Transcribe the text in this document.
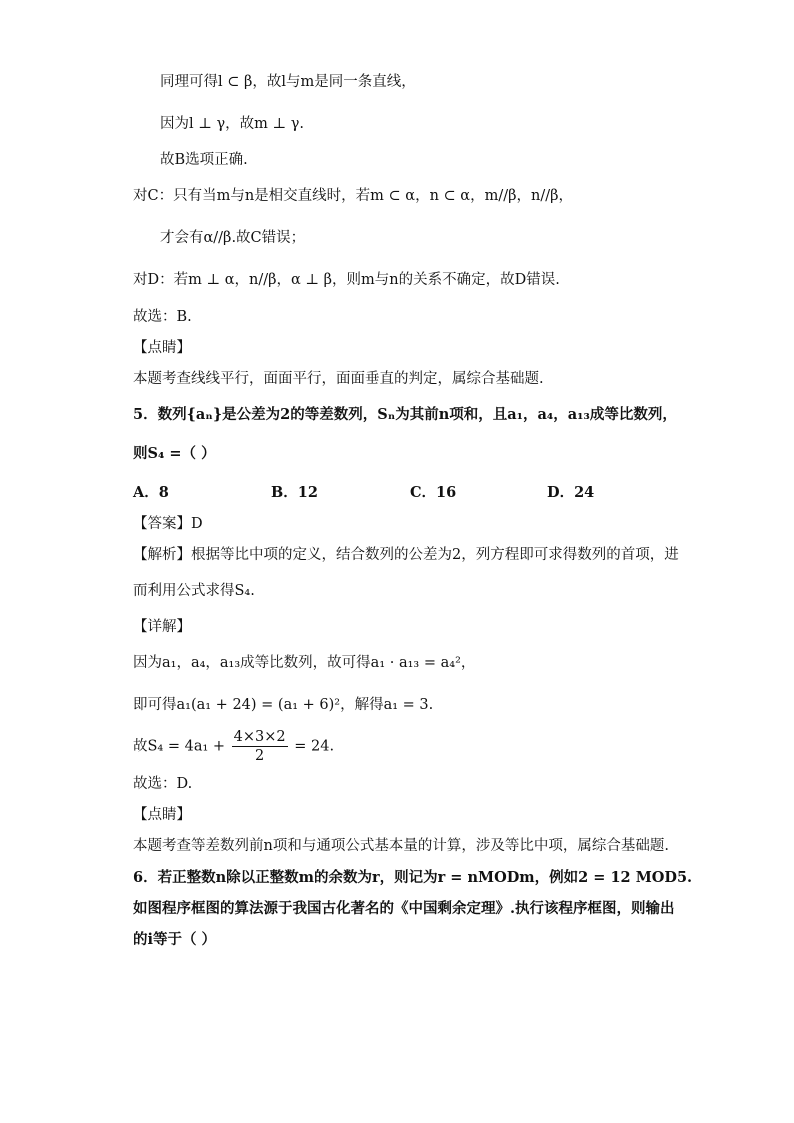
同理可得l ⊂ β，故l与m是同一条直线，
因为l ⊥ γ，故m ⊥ γ.
故B选项正确.
对C：只有当m与n是相交直线时，若m ⊂ α，n ⊂ α，m//β，n//β，
才会有α//β.故C错误；
对D：若m ⊥ α，n//β，α ⊥ β，则m与n的关系不确定，故D错误.
故选：B.
【点睛】
本题考查线线平行，面面平行，面面垂直的判定，属综合基础题.
5．数列{aₙ}是公差为2的等差数列，Sₙ为其前n项和，且a₁，a₄，a₁₃成等比数列，
则S₄ =（ ）
A．8	B．12	C．16	D．24
【答案】D
【解析】根据等比中项的定义，结合数列的公差为2，列方程即可求得数列的首项，进
而利用公式求得S₄.
【详解】
因为a₁，a₄，a₁₃成等比数列，故可得a₁ · a₁₃ = a₄²，
即可得a₁(a₁ + 24) = (a₁ + 6)²，解得a₁ = 3.
故$S_4 = 4a_1 + \frac{4\times 3\times 2}{2} = 24$.
故选：D.
【点睛】
本题考查等差数列前n项和与通项公式基本量的计算，涉及等比中项，属综合基础题.
6．若正整数n除以正整数m的余数为r，则记为r = nMODm，例如2 = 12 MOD5.
如图程序框图的算法源于我国古化著名的《中国剩余定理》.执行该程序框图，则输出
的i等于（ ）
